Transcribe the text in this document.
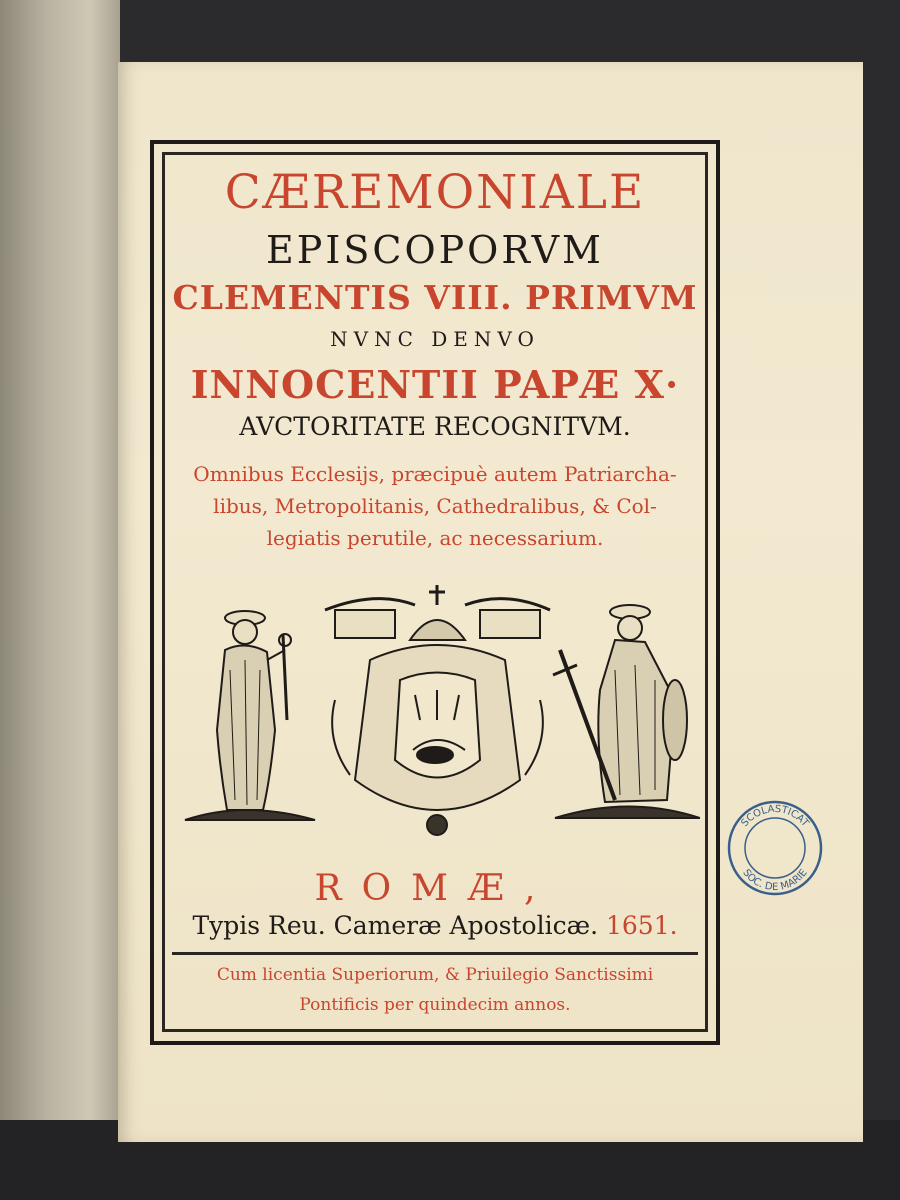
CÆREMONIALE
EPISCOPORVM
CLEMENTIS VIII. PRIMVM
NVNC DENVO
INNOCENTII PAPÆ X·
AVCTORITATE RECOGNITVM.
Omnibus Ecclesijs, præcipuè autem Patriarcha-
libus, Metropolitanis, Cathedralibus, & Col-
legiatis perutile, ac necessarium.
ROMÆ,
Typis Reu. Cameræ Apostolicæ. 1651.
Cum licentia Superiorum, & Priuilegio Sanctissimi
Pontificis per quindecim annos.
SCOLASTICAT
SOC. DE MARIE
